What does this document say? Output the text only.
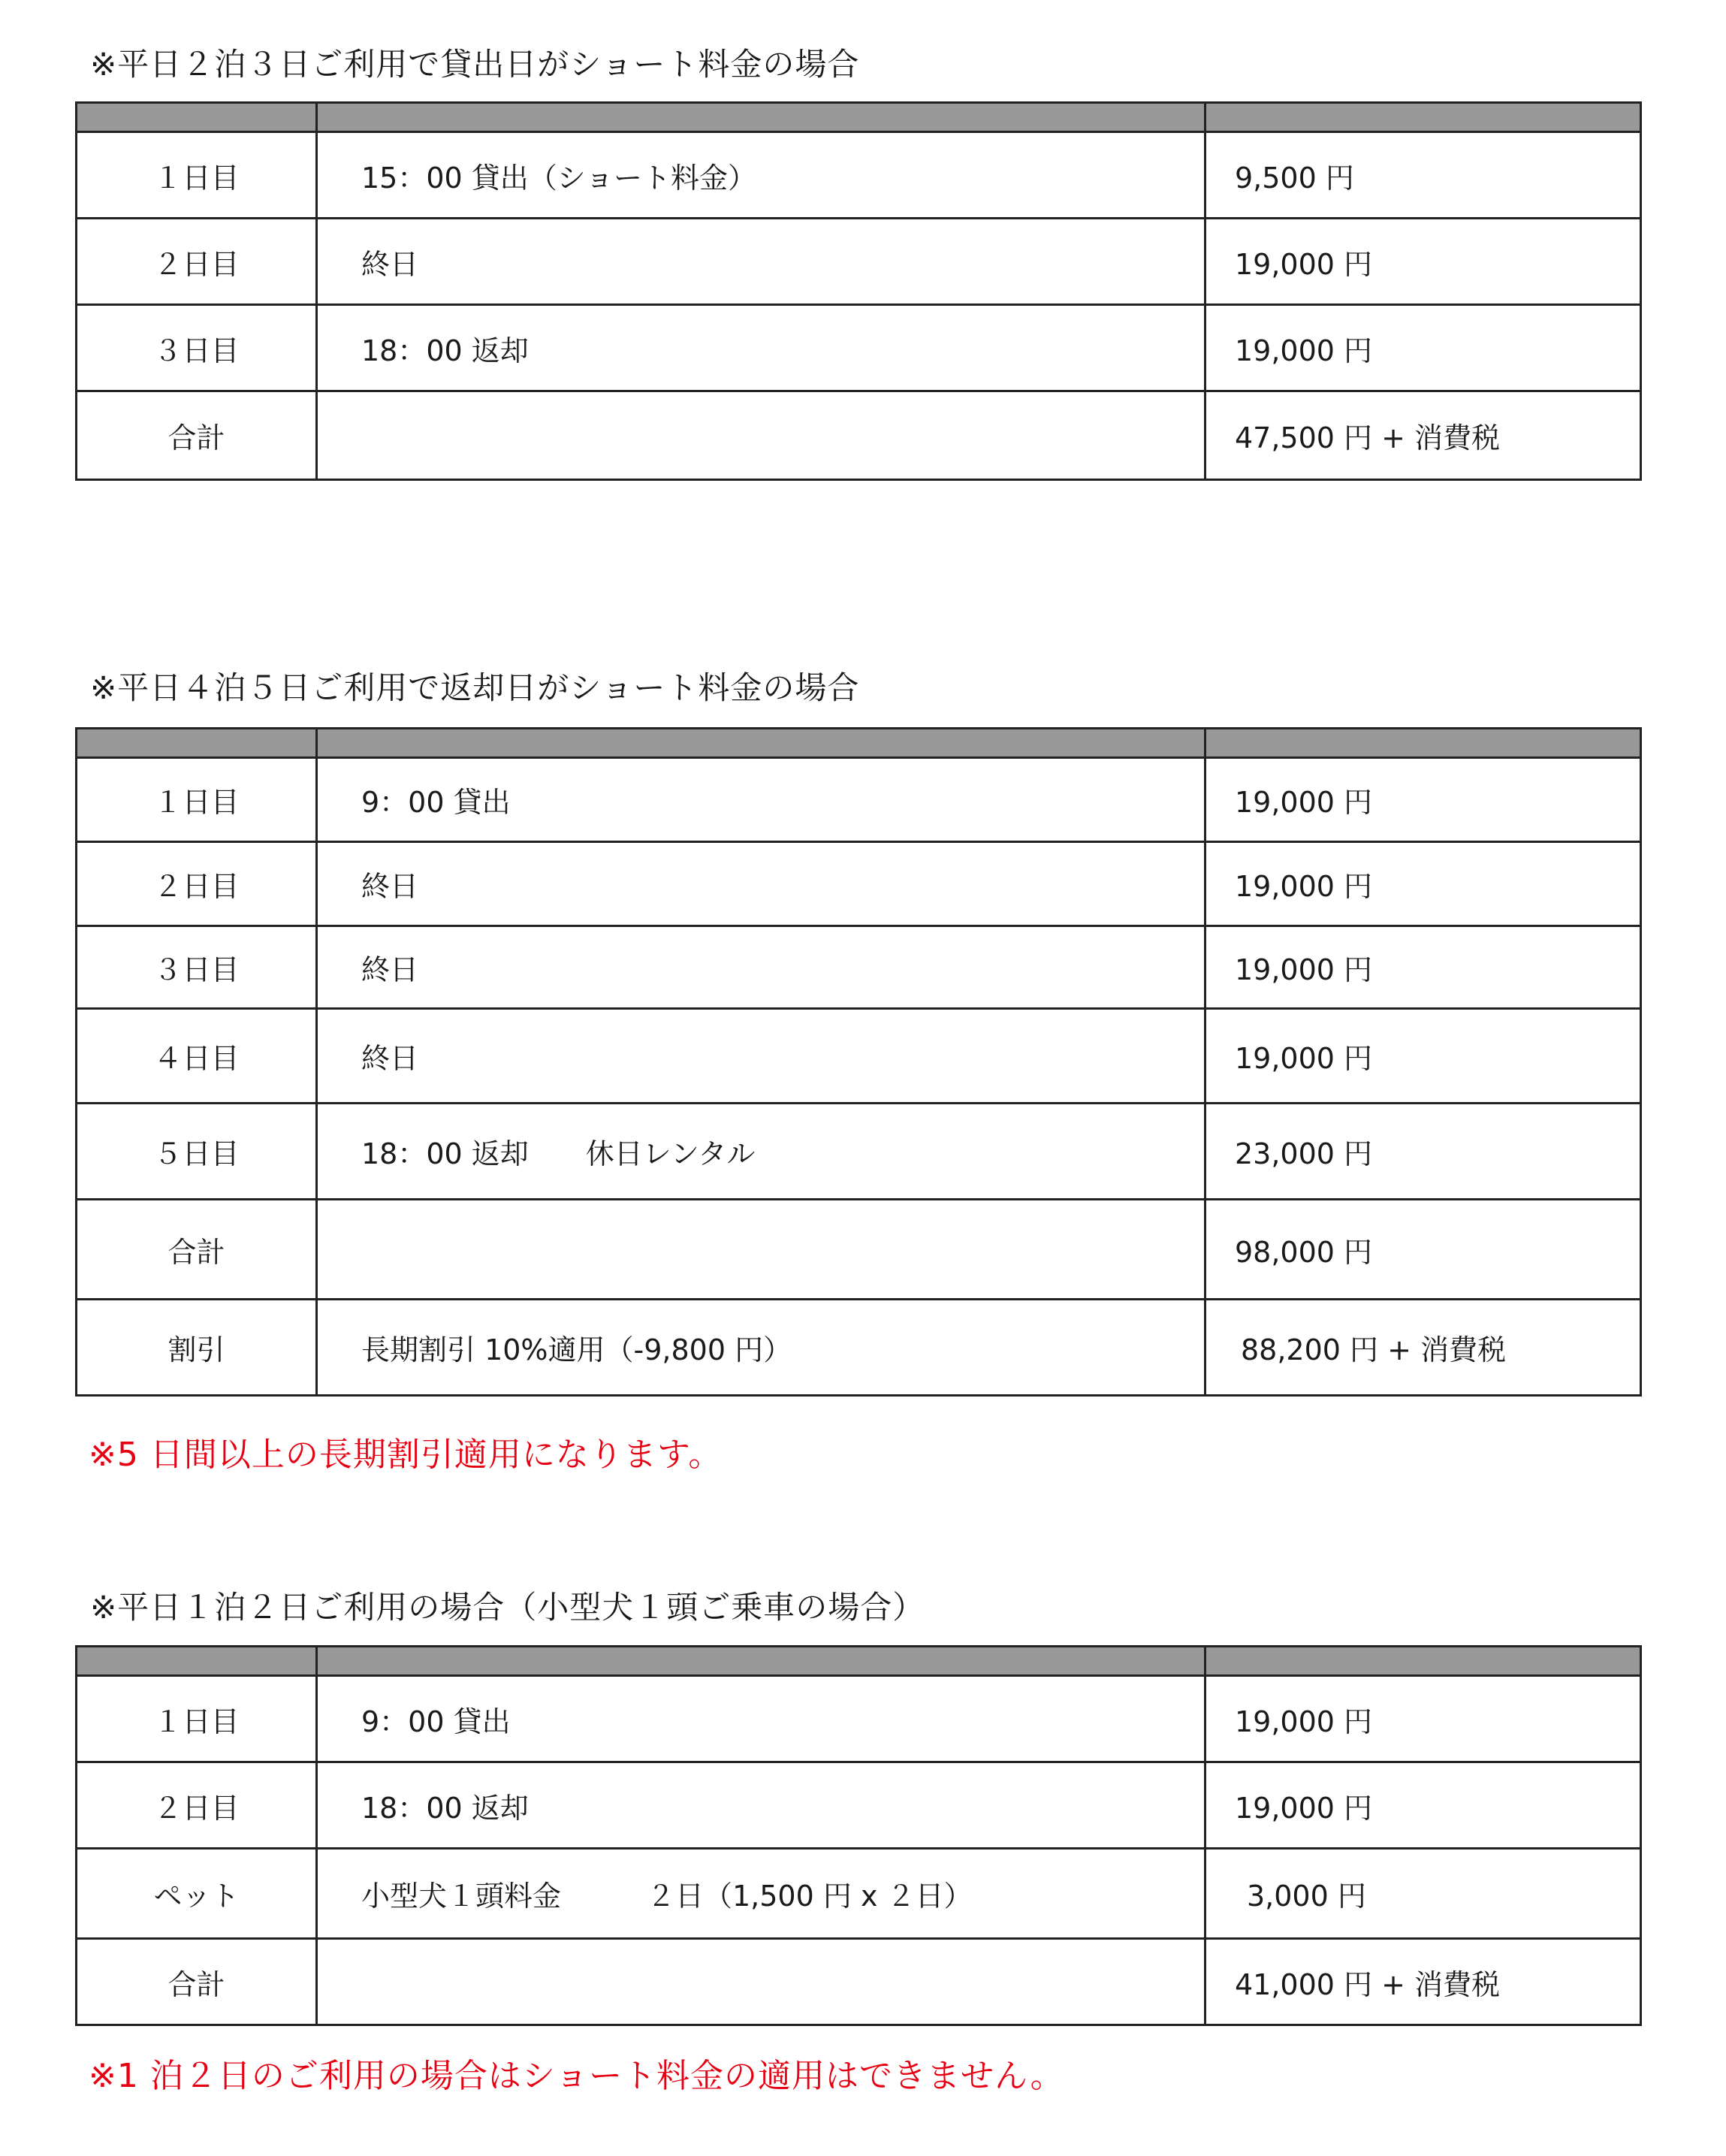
※平日２泊３日ご利用で貸出日がショート料金の場合

１日目	15：00 貸出（ショート料金）	9,500 円
２日目	終日	19,000 円
３日目	18：00 返却	19,000 円
合計		47,500 円 + 消費税
※平日４泊５日ご利用で返却日がショート料金の場合

１日目	9：00 貸出	19,000 円
２日目	終日	19,000 円
３日目	終日	19,000 円
４日目	終日	19,000 円
５日目	18：00 返却　　休日レンタル	23,000 円
合計		98,000 円
割引	長期割引 10%適用（-9,800 円）	88,200 円 + 消費税
※5 日間以上の長期割引適用になります。
※平日１泊２日ご利用の場合（小型犬１頭ご乗車の場合）

１日目	9：00 貸出	19,000 円
２日目	18：00 返却	19,000 円
ペット	小型犬１頭料金　　　２日（1,500 円 x ２日）	3,000 円
合計		41,000 円 + 消費税
※1 泊２日のご利用の場合はショート料金の適用はできません。
